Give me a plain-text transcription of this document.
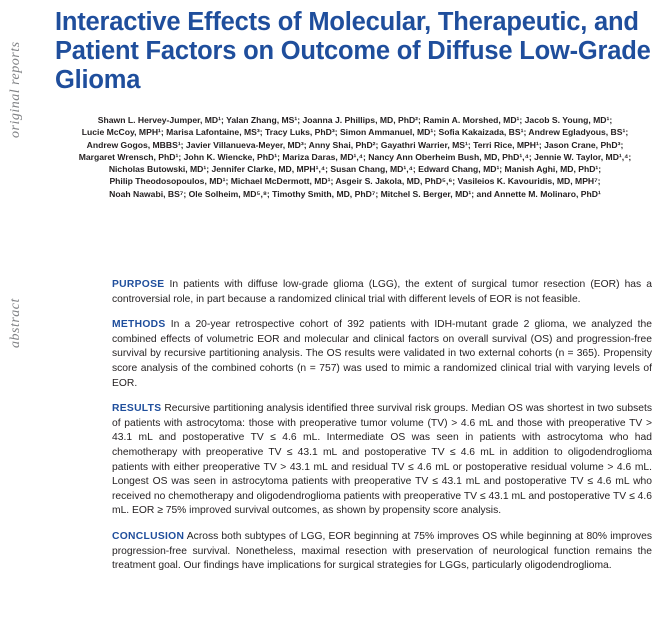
original reports
abstract
Interactive Effects of Molecular, Therapeutic, and Patient Factors on Outcome of Diffuse Low-Grade Glioma
Shawn L. Hervey-Jumper, MD¹; Yalan Zhang, MS¹; Joanna J. Phillips, MD, PhD²; Ramin A. Morshed, MD¹; Jacob S. Young, MD¹;
Lucie McCoy, MPH¹; Marisa Lafontaine, MS³; Tracy Luks, PhD³; Simon Ammanuel, MD¹; Sofia Kakaizada, BS¹; Andrew Egladyous, BS¹;
Andrew Gogos, MBBS¹; Javier Villanueva-Meyer, MD³; Anny Shai, PhD²; Gayathri Warrier, MS¹; Terri Rice, MPH¹; Jason Crane, PhD³;
Margaret Wrensch, PhD¹; John K. Wiencke, PhD¹; Mariza Daras, MD¹,⁴; Nancy Ann Oberheim Bush, MD, PhD¹,⁴; Jennie W. Taylor, MD¹,⁴;
Nicholas Butowski, MD¹; Jennifer Clarke, MD, MPH¹,⁴; Susan Chang, MD¹,⁴; Edward Chang, MD¹; Manish Aghi, MD, PhD¹;
Philip Theodosopoulos, MD¹; Michael McDermott, MD¹; Asgeir S. Jakola, MD, PhD⁵,⁶; Vasileios K. Kavouridis, MD, MPH⁷;
Noah Nawabi, BS⁷; Ole Solheim, MD⁵,⁸; Timothy Smith, MD, PhD⁷; Mitchel S. Berger, MD¹; and Annette M. Molinaro, PhD¹
PURPOSE In patients with diffuse low-grade glioma (LGG), the extent of surgical tumor resection (EOR) has a controversial role, in part because a randomized clinical trial with different levels of EOR is not feasible.
METHODS In a 20-year retrospective cohort of 392 patients with IDH-mutant grade 2 glioma, we analyzed the combined effects of volumetric EOR and molecular and clinical factors on overall survival (OS) and progression-free survival by recursive partitioning analysis. The OS results were validated in two external cohorts (n = 365). Propensity score analysis of the combined cohorts (n = 757) was used to mimic a randomized clinical trial with varying levels of EOR.
RESULTS Recursive partitioning analysis identified three survival risk groups. Median OS was shortest in two subsets of patients with astrocytoma: those with preoperative tumor volume (TV) > 4.6 mL and those with preoperative TV > 43.1 mL and postoperative TV ≤ 4.6 mL. Intermediate OS was seen in patients with astrocytoma who had chemotherapy with preoperative TV ≤ 43.1 mL and postoperative TV ≤ 4.6 mL in addition to oligodendroglioma patients with either preoperative TV > 43.1 mL and residual TV ≤ 4.6 mL or postoperative residual volume > 4.6 mL. Longest OS was seen in astrocytoma patients with preoperative TV ≤ 43.1 mL and postoperative TV ≤ 4.6 mL who received no chemotherapy and oligodendroglioma patients with preoperative TV ≤ 43.1 mL and postoperative TV ≤ 4.6 mL. EOR ≥ 75% improved survival outcomes, as shown by propensity score analysis.
CONCLUSION Across both subtypes of LGG, EOR beginning at 75% improves OS while beginning at 80% improves progression-free survival. Nonetheless, maximal resection with preservation of neurological function remains the treatment goal. Our findings have implications for surgical strategies for LGGs, particularly oligodendroglioma.
